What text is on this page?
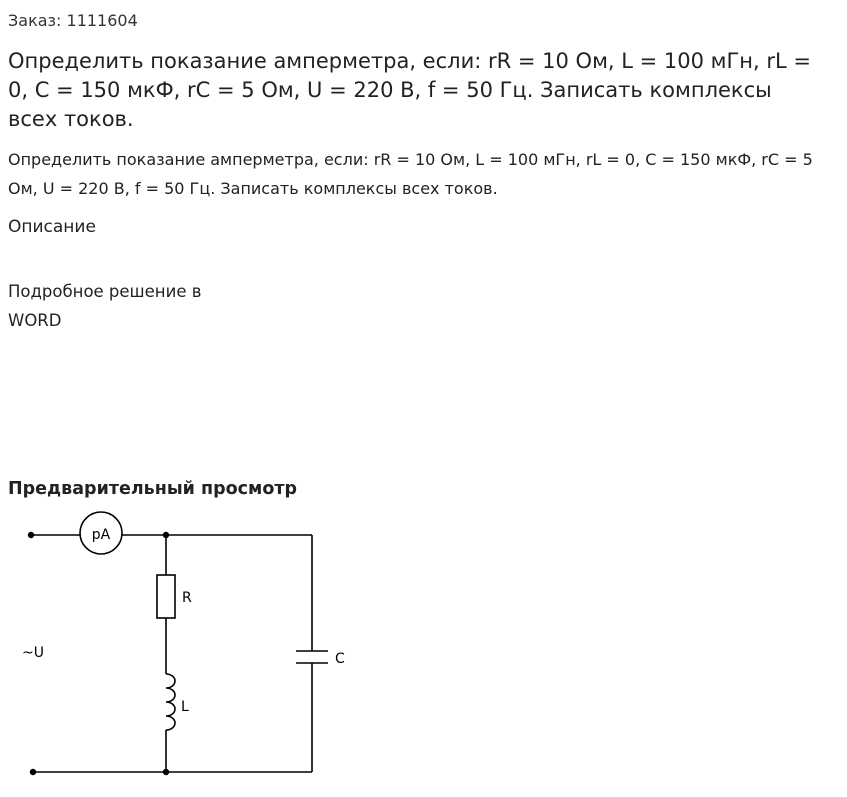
Заказ: 1111604
Определить показание амперметра, если: rR = 10 Ом, L = 100 мГн, rL = 0, C = 150 мкФ, rC = 5 Ом, U = 220 В, f = 50 Гц. Записать комплексы всех токов.

Определить показание амперметра, если: rR = 10 Ом, L = 100 мГн, rL = 0, C = 150 мкФ, rC = 5 Ом, U = 220 В, f = 50 Гц. Записать комплексы всех токов.

Описание

Подробное решение в WORD

Предварительный просмотр
pA
R
L
C
~U
